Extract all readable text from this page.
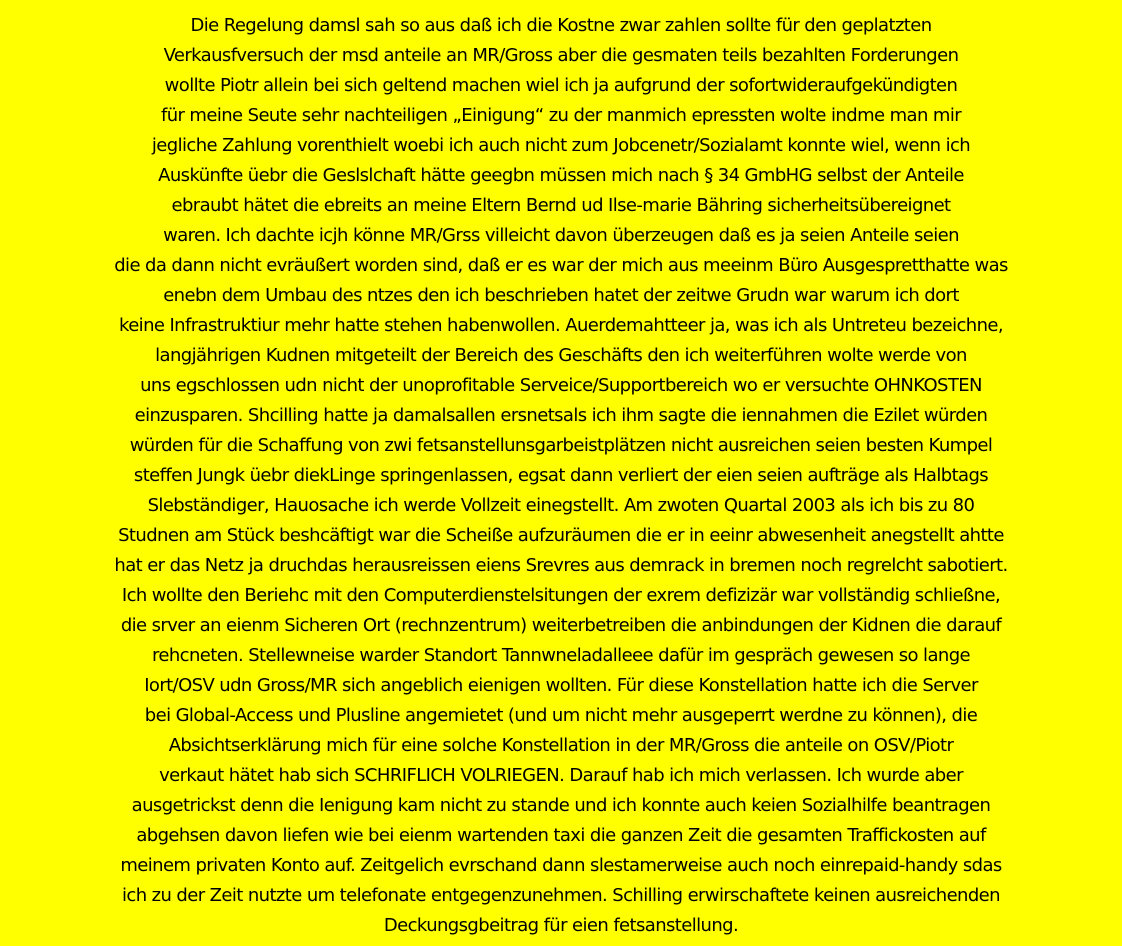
Die Regelung damsl sah so aus daß ich die Kostne zwar zahlen sollte für den geplatzten
Verkausfversuch der msd anteile an MR/Gross aber die gesmaten teils bezahlten Forderungen
wollte Piotr allein bei sich geltend machen wiel ich ja aufgrund der sofortwideraufgekündigten
für meine Seute sehr nachteiligen „Einigung“ zu der manmich epressten wolte indme man mir
jegliche Zahlung vorenthielt woebi ich auch nicht zum Jobcenetr/Sozialamt konnte wiel, wenn ich
Auskünfte üebr die Geslslchaft hätte geegbn müssen mich nach § 34 GmbHG selbst der Anteile
ebraubt hätet die ebreits an meine Eltern Bernd ud Ilse-marie Bähring sicherheitsübereignet
waren. Ich dachte icjh könne MR/Grss villeicht davon überzeugen daß es ja seien Anteile seien
die da dann nicht evräußert worden sind, daß er es war der mich aus meeinm Büro Ausgespretthatte was
enebn dem Umbau des ntzes den ich beschrieben hatet der zeitwe Grudn war warum ich dort
keine Infrastruktiur mehr hatte stehen habenwollen. Auerdemahtteer ja, was ich als Untreteu bezeichne,
langjährigen Kudnen mitgeteilt der Bereich des Geschäfts den ich weiterführen wolte werde von
uns egschlossen udn nicht der unoprofitable Serveice/Supportbereich wo er versuchte OHNKOSTEN
einzusparen. Shcilling hatte ja damalsallen ersnetsals ich ihm sagte die iennahmen die Ezilet würden
würden für die Schaffung von zwi fetsanstellunsgarbeistplätzen nicht ausreichen seien besten Kumpel
steffen Jungk üebr diekLinge springenlassen, egsat dann verliert der eien seien aufträge als Halbtags
Slebständiger, Hauosache ich werde Vollzeit einegstellt. Am zwoten Quartal 2003 als ich bis zu 80
Studnen am Stück beshcäftigt war die Scheiße aufzuräumen die er in eeinr abwesenheit anegstellt ahtte
hat er das Netz ja druchdas herausreissen eiens Srevres aus demrack in bremen noch regrelcht sabotiert.
Ich wollte den Beriehc mit den Computerdienstelsitungen der exrem defizizär war vollständig schließne,
die srver an eienm Sicheren Ort (rechnzentrum) weiterbetreiben die anbindungen der Kidnen die darauf
rehcneten. Stellewneise warder Standort Tannwneladalleee dafür im gespräch gewesen so lange
Iort/OSV udn Gross/MR sich angeblich eienigen wollten. Für diese Konstellation hatte ich die Server
bei Global-Access und Plusline angemietet (und um nicht mehr ausgeperrt werdne zu können), die
Absichtserklärung mich für eine solche Konstellation in der MR/Gross die anteile on OSV/Piotr
verkaut hätet hab sich SCHRIFLICH VOLRIEGEN. Darauf hab ich mich verlassen. Ich wurde aber
ausgetrickst denn die Ienigung kam nicht zu stande und ich konnte auch keien Sozialhilfe beantragen
abgehsen davon liefen wie bei eienm wartenden taxi die ganzen Zeit die gesamten Traffickosten auf
meinem privaten Konto auf. Zeitgelich evrschand dann slestamerweise auch noch einrepaid-handy sdas
ich zu der Zeit nutzte um telefonate entgegenzunehmen. Schilling erwirschaftete keinen ausreichenden
Deckungsgbeitrag für eien fetsanstellung.
